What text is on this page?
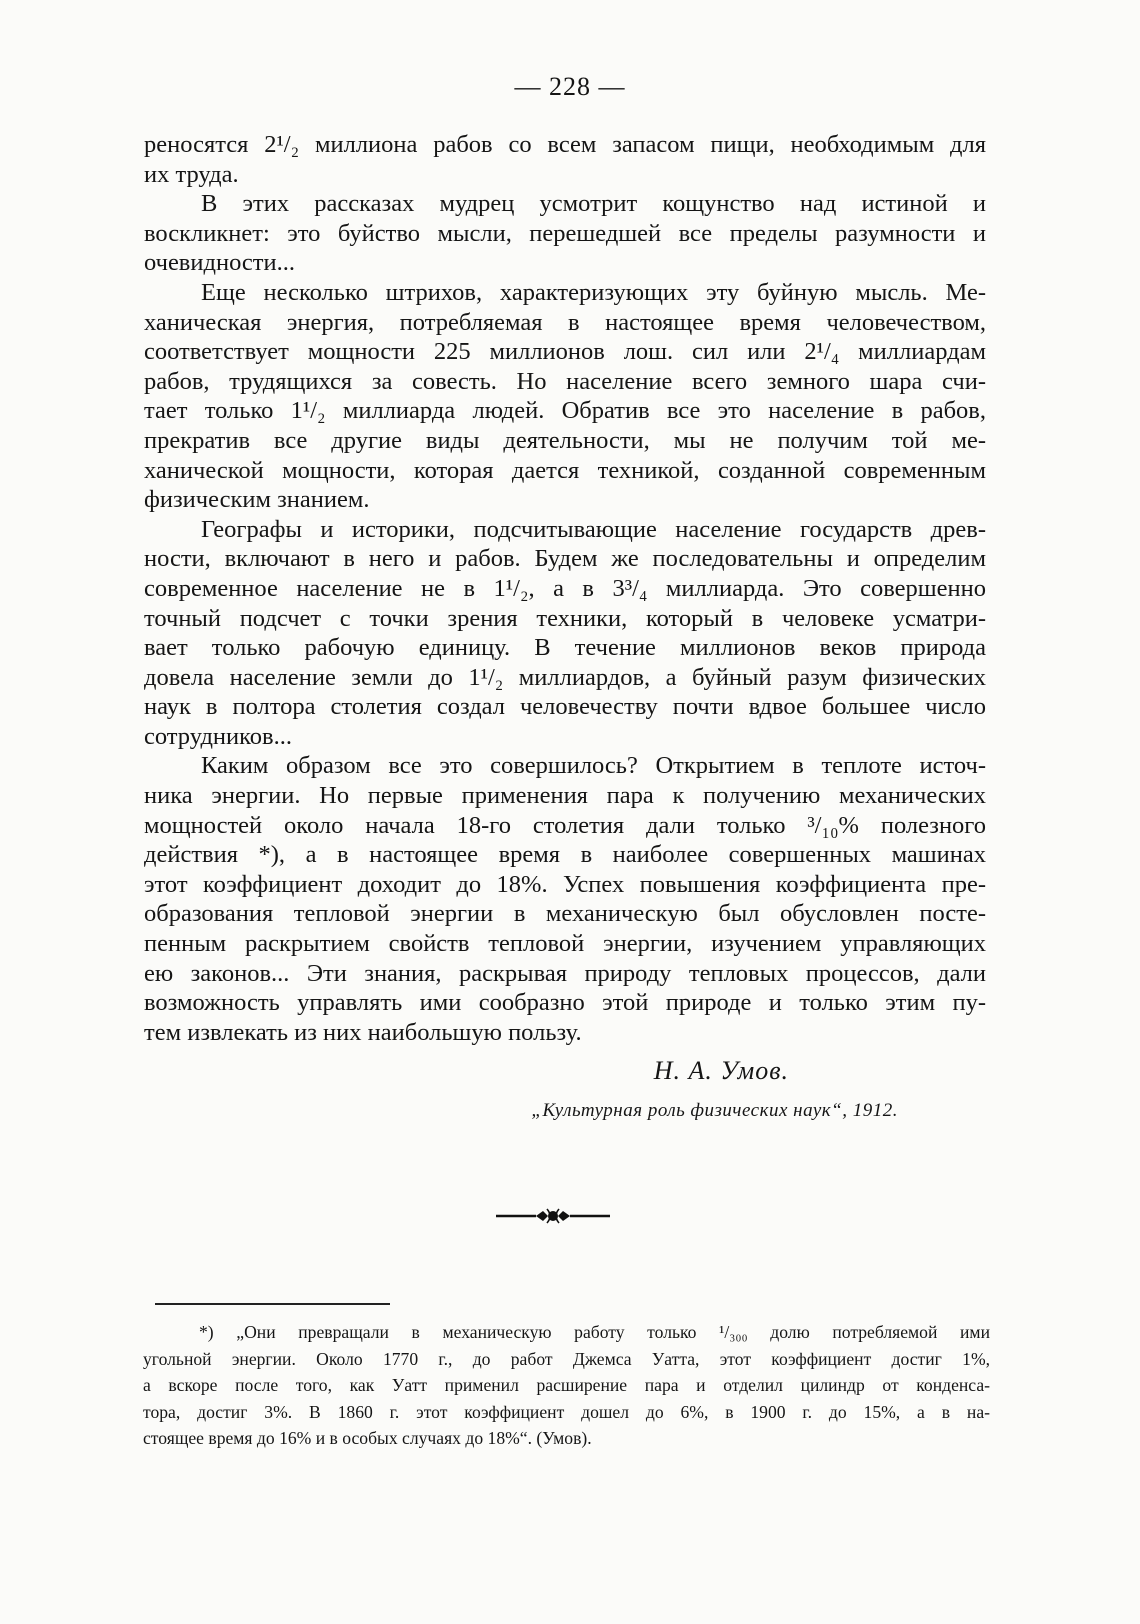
— 228 —

реносятся 2¹/₂ миллиона рабов со всем запасом пищи, необходимым для
их труда.

В этих рассказах мудрец усмотрит кощунство над истиной и
воскликнет: это буйство мысли, перешедшей все пределы разумности и
очевидности...

Еще несколько штрихов, характеризующих эту буйную мысль. Ме-
ханическая энергия, потребляемая в настоящее время человечеством,
соответствует мощности 225 миллионов лош. сил или 2¹/₄ миллиардам
рабов, трудящихся за совесть. Но население всего земного шара счи-
тает только 1¹/₂ миллиарда людей. Обратив все это население в рабов,
прекратив все другие виды деятельности, мы не получим той ме-
ханической мощности, которая дается техникой, созданной современным
физическим знанием.

Географы и историки, подсчитывающие население государств древ-
ности, включают в него и рабов. Будем же последовательны и определим
современное население не в 1¹/₂, а в 3³/₄ миллиарда. Это совершенно
точный подсчет с точки зрения техники, который в человеке усматри-
вает только рабочую единицу. В течение миллионов веков природа
довела население земли до 1¹/₂ миллиардов, а буйный разум физических
наук в полтора столетия создал человечеству почти вдвое большее число
сотрудников...

Каким образом все это совершилось? Открытием в теплоте источ-
ника энергии. Но первые применения пара к получению механических
мощностей около начала 18-го столетия дали только ³/₁₀% полезного
действия *), а в настоящее время в наиболее совершенных машинах
этот коэффициент доходит до 18%. Успех повышения коэффициента пре-
образования тепловой энергии в механическую был обусловлен посте-
пенным раскрытием свойств тепловой энергии, изучением управляющих
ею законов... Эти знания, раскрывая природу тепловых процессов, дали
возможность управлять ими сообразно этой природе и только этим пу-
тем извлекать из них наибольшую пользу.

Н. А. Умов.
„Культурная роль физических наук“, 1912.
*) „Они превращали в механическую работу только ¹/₃₀₀ долю потребляемой ими
угольной энергии. Около 1770 г., до работ Джемса Уатта, этот коэффициент достиг 1%,
а вскоре после того, как Уатт применил расширение пара и отделил цилиндр от конденса-
тора, достиг 3%. В 1860 г. этот коэффициент дошел до 6%, в 1900 г. до 15%, а в на-
стоящее время до 16% и в особых случаях до 18%“. (Умов).
